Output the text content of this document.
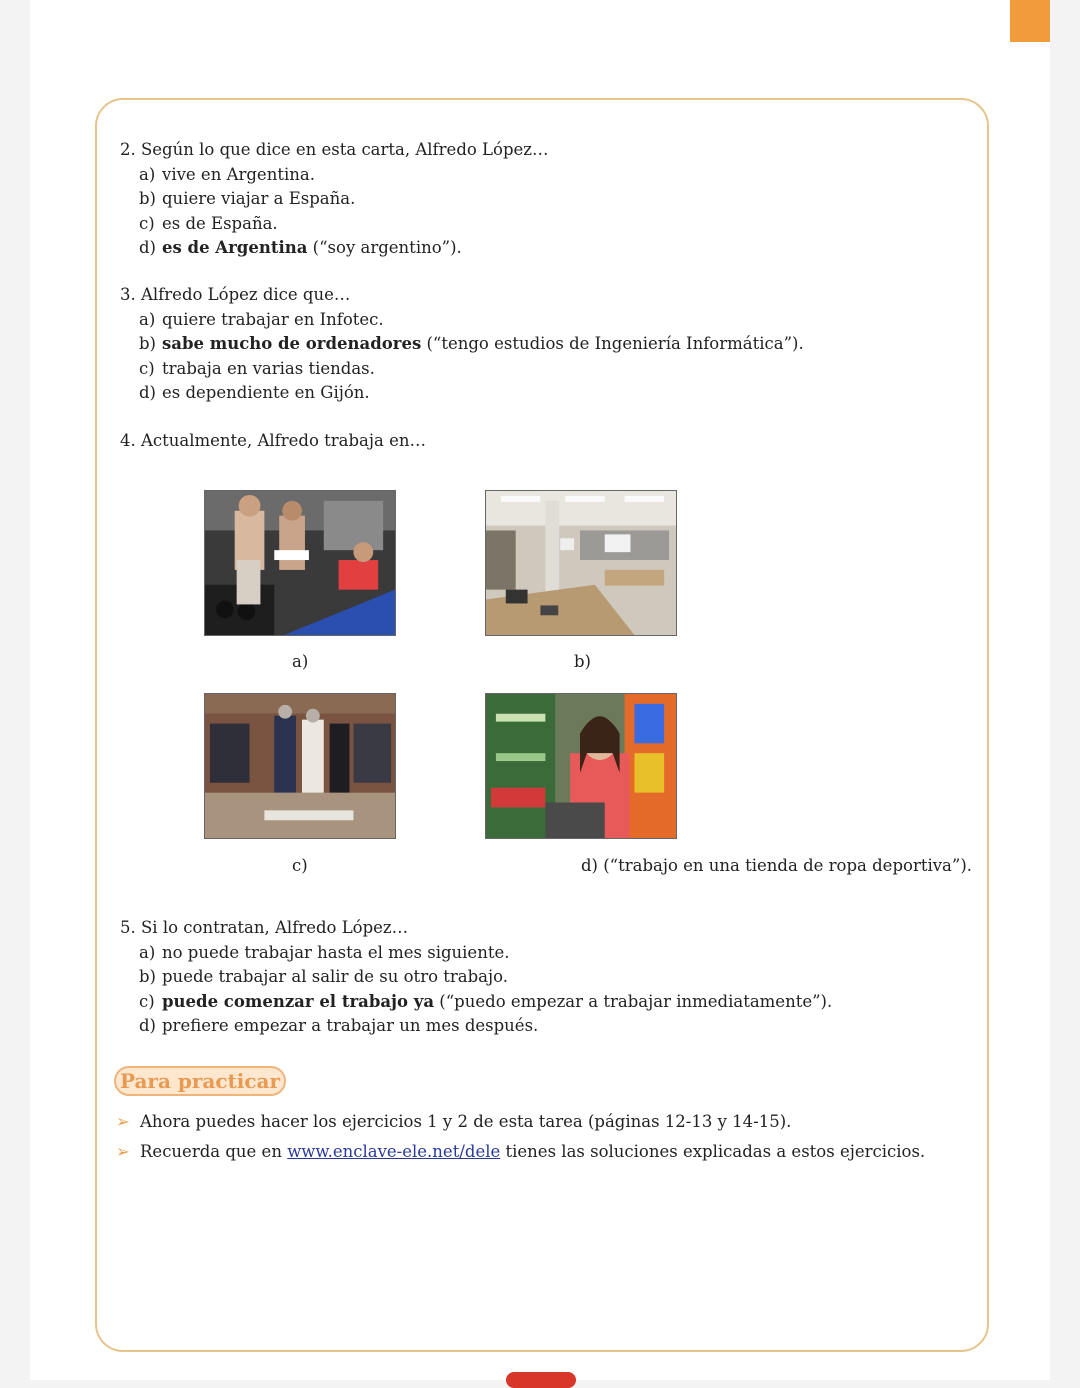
2. Según lo que dice en esta carta, Alfredo López…

a) vive en Argentina.

b) quiere viajar a España.

c) es de España.

d) es de Argentina (“soy argentino”).

3. Alfredo López dice que…

a) quiere trabajar en Infotec.

b) sabe mucho de ordenadores (“tengo estudios de Ingeniería Informática”).

c) trabaja en varias tiendas.

d) es dependiente en Gijón.

4. Actualmente, Alfredo trabaja en…

a)	b)
c)	d) (“trabajo en una tienda de ropa deportiva”).

5. Si lo contratan, Alfredo López…

a) no puede trabajar hasta el mes siguiente.

b) puede trabajar al salir de su otro trabajo.

c) puede comenzar el trabajo ya (“puedo empezar a trabajar inmediatamente”).

d) prefiere empezar a trabajar un mes después.

Para practicar
➢ Ahora puedes hacer los ejercicios 1 y 2 de esta tarea (páginas 12-13 y 14-15).
➢ Recuerda que en www.enclave-ele.net/dele tienes las soluciones explicadas a estos ejercicios.
